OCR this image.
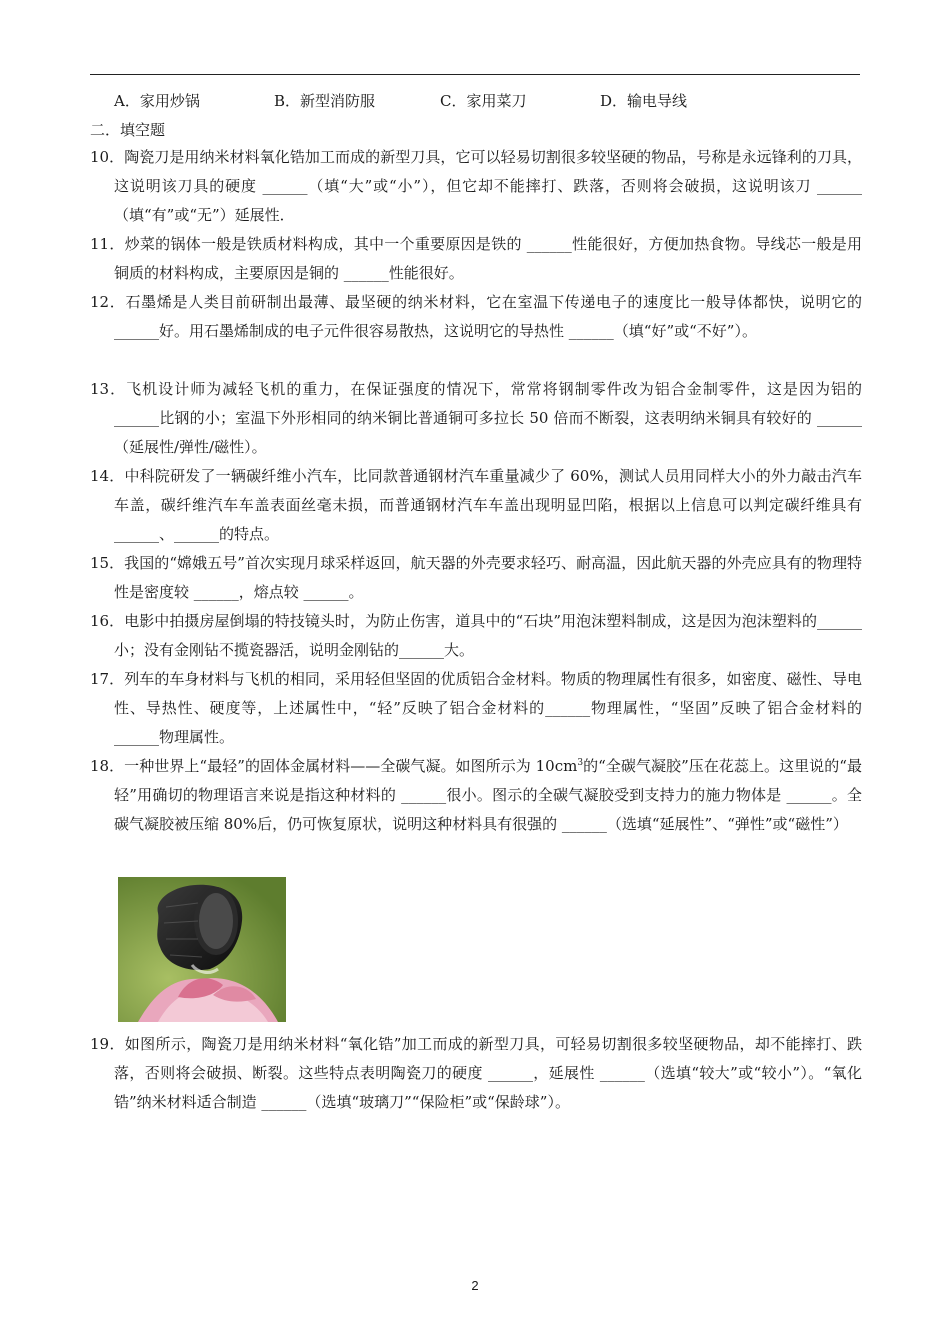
A．家用炒锅	B．新型消防服	C．家用菜刀	D．输电导线
二．填空题

10．陶瓷刀是用纳米材料氧化锆加工而成的新型刀具，它可以轻易切割很多较坚硬的物品，号称是永远锋利的刀具，这说明该刀具的硬度 ______（填“大”或“小”），但它却不能摔打、跌落，否则将会破损，这说明该刀 ______（填“有”或“无”）延展性．

11．炒菜的锅体一般是铁质材料构成，其中一个重要原因是铁的 ______性能很好，方便加热食物。导线芯一般是用铜质的材料构成，主要原因是铜的 ______性能很好。

12．石墨烯是人类目前研制出最薄、最坚硬的纳米材料，它在室温下传递电子的速度比一般导体都快，说明它的 ______好。用石墨烯制成的电子元件很容易散热，这说明它的导热性 ______（填“好”或“不好”）。

13．飞机设计师为减轻飞机的重力，在保证强度的情况下，常常将钢制零件改为铝合金制零件，这是因为铝的 ______比钢的小；室温下外形相同的纳米铜比普通铜可多拉长 50 倍而不断裂，这表明纳米铜具有较好的 ______（延展性/弹性/磁性）。

14．中科院研发了一辆碳纤维小汽车，比同款普通钢材汽车重量减少了 60%，测试人员用同样大小的外力敲击汽车车盖，碳纤维汽车车盖表面丝毫未损，而普通钢材汽车车盖出现明显凹陷，根据以上信息可以判定碳纤维具有 ______、______的特点。

15．我国的“嫦娥五号”首次实现月球采样返回，航天器的外壳要求轻巧、耐高温，因此航天器的外壳应具有的物理特性是密度较 ______，熔点较 ______。

16．电影中拍摄房屋倒塌的特技镜头时，为防止伤害，道具中的“石块”用泡沫塑料制成，这是因为泡沫塑料的______小；没有金刚钻不揽瓷器活，说明金刚钻的______大。

17．列车的车身材料与飞机的相同，采用轻但坚固的优质铝合金材料。物质的物理属性有很多，如密度、磁性、导电性、导热性、硬度等，上述属性中，“轻”反映了铝合金材料的______物理属性，“坚固”反映了铝合金材料的______物理属性。

18．一种世界上“最轻”的固体金属材料——全碳气凝。如图所示为 $10cm^3$的“全碳气凝胶”压在花蕊上。这里说的“最轻”用确切的物理语言来说是指这种材料的 ______很小。图示的全碳气凝胶受到支持力的施力物体是 ______。全碳气凝胶被压缩 80%后，仍可恢复原状，说明这种材料具有很强的 ______（选填“延展性”、“弹性”或“磁性”）

19．如图所示，陶瓷刀是用纳米材料“氧化锆”加工而成的新型刀具，可轻易切割很多较坚硬物品，却不能摔打、跌落，否则将会破损、断裂。这些特点表明陶瓷刀的硬度 ______，延展性 ______（选填“较大”或“较小”）。“氧化锆”纳米材料适合制造 ______（选填“玻璃刀”“保险柜”或“保龄球”）。

2
